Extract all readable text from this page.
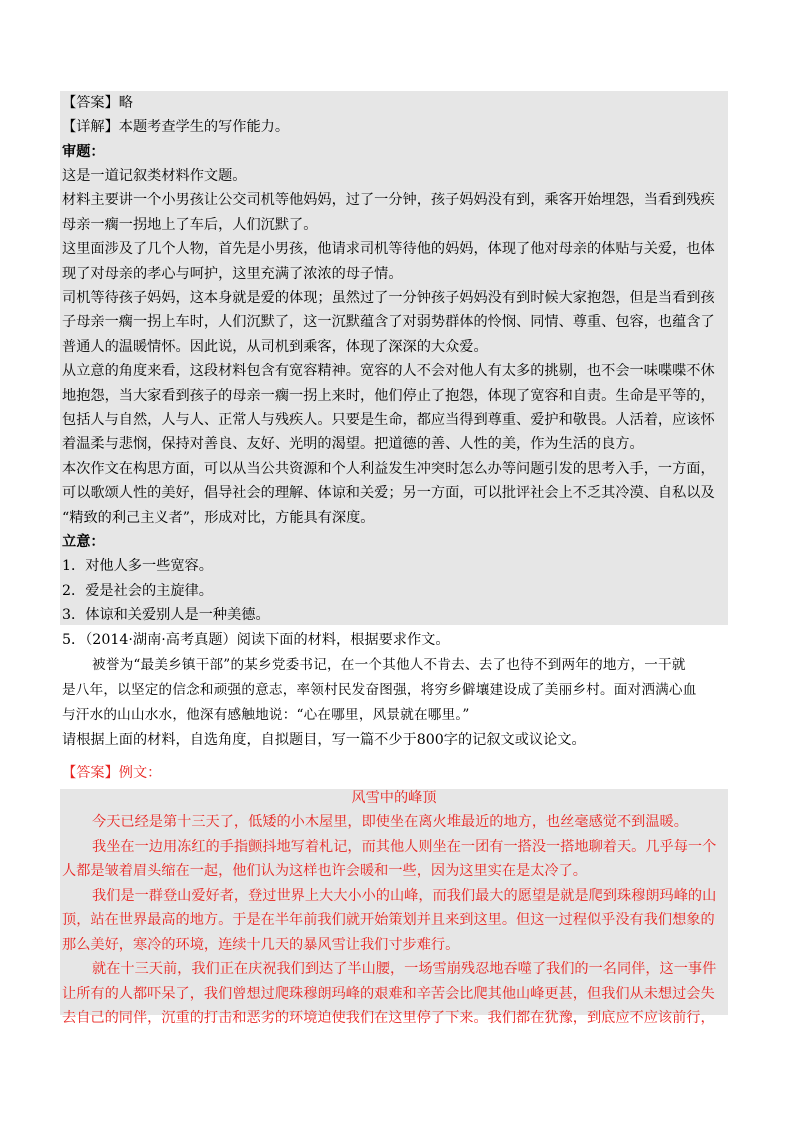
【答案】略
【详解】本题考查学生的写作能力。
审题：
这是一道记叙类材料作文题。
材料主要讲一个小男孩让公交司机等他妈妈，过了一分钟，孩子妈妈没有到，乘客开始埋怨，当看到残疾
母亲一瘸一拐地上了车后，人们沉默了。
这里面涉及了几个人物，首先是小男孩，他请求司机等待他的妈妈，体现了他对母亲的体贴与关爱，也体
现了对母亲的孝心与呵护，这里充满了浓浓的母子情。
司机等待孩子妈妈，这本身就是爱的体现；虽然过了一分钟孩子妈妈没有到时候大家抱怨，但是当看到孩
子母亲一瘸一拐上车时，人们沉默了，这一沉默蕴含了对弱势群体的怜悯、同情、尊重、包容，也蕴含了
普通人的温暖情怀。因此说，从司机到乘客，体现了深深的大众爱。
从立意的角度来看，这段材料包含有宽容精神。宽容的人不会对他人有太多的挑剔，也不会一味喋喋不休
地抱怨，当大家看到孩子的母亲一瘸一拐上来时，他们停止了抱怨，体现了宽容和自责。生命是平等的，
包括人与自然，人与人、正常人与残疾人。只要是生命，都应当得到尊重、爱护和敬畏。人活着，应该怀
着温柔与悲悯，保持对善良、友好、光明的渴望。把道德的善、人性的美，作为生活的良方。
本次作文在构思方面，可以从当公共资源和个人利益发生冲突时怎么办等问题引发的思考入手，一方面，
可以歌颂人性的美好，倡导社会的理解、体谅和关爱；另一方面，可以批评社会上不乏其冷漠、自私以及
“精致的利己主义者”，形成对比，方能具有深度。
立意：
1．对他人多一些宽容。
2．爱是社会的主旋律。
3．体谅和关爱别人是一种美德。
5．（2014·湖南·高考真题）阅读下面的材料，根据要求作文。
被誉为“最美乡镇干部”的某乡党委书记，在一个其他人不肯去、去了也待不到两年的地方，一干就
是八年，以坚定的信念和顽强的意志，率领村民发奋图强，将穷乡僻壤建设成了美丽乡村。面对洒满心血
与汗水的山山水水，他深有感触地说：“心在哪里，风景就在哪里。”
请根据上面的材料，自选角度，自拟题目，写一篇不少于800字的记叙文或议论文。
【答案】例文：
风雪中的峰顶
今天已经是第十三天了，低矮的小木屋里，即使坐在离火堆最近的地方，也丝毫感觉不到温暖。
我坐在一边用冻红的手指颤抖地写着札记，而其他人则坐在一团有一搭没一搭地聊着天。几乎每一个
人都是皱着眉头缩在一起，他们认为这样也许会暖和一些，因为这里实在是太冷了。
我们是一群登山爱好者，登过世界上大大小小的山峰，而我们最大的愿望是就是爬到珠穆朗玛峰的山
顶，站在世界最高的地方。于是在半年前我们就开始策划并且来到这里。但这一过程似乎没有我们想象的
那么美好，寒冷的环境，连续十几天的暴风雪让我们寸步难行。
就在十三天前，我们正在庆祝我们到达了半山腰，一场雪崩残忍地吞噬了我们的一名同伴，这一事件
让所有的人都吓呆了，我们曾想过爬珠穆朗玛峰的艰难和辛苦会比爬其他山峰更甚，但我们从未想过会失
去自己的同伴，沉重的打击和恶劣的环境迫使我们在这里停了下来。我们都在犹豫，到底应不应该前行，
